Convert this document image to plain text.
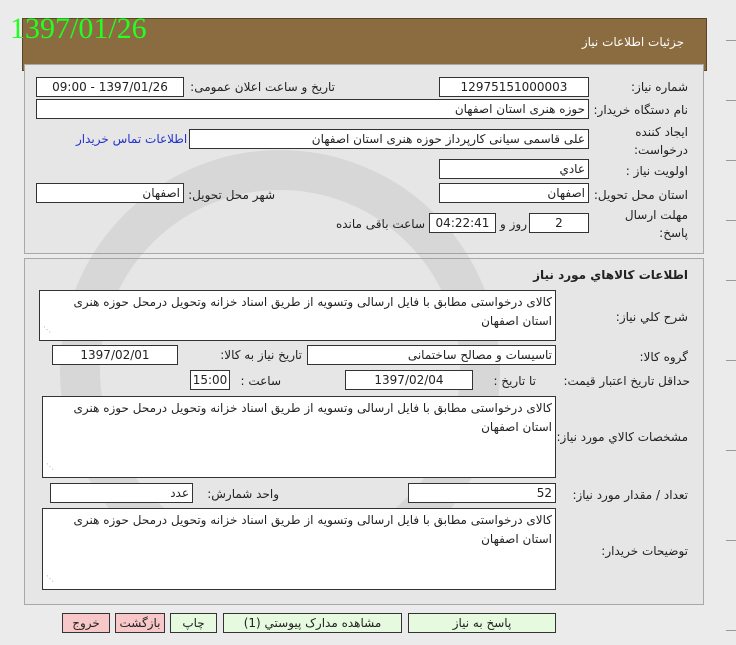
جزئیات اطلاعات نیاز
1397/01/26
شماره نیاز:
12975151000003
تاریخ و ساعت اعلان عمومی:
1397/01/26 - 09:00
نام دستگاه خریدار:
حوزه هنری استان اصفهان
ایجاد کننده
درخواست:
علی قاسمی سیانی کارپرداز حوزه هنری استان اصفهان
اطلاعات تماس خریدار
اولویت نیاز :
عادي
استان محل تحویل:
اصفهان
شهر محل تحویل:
اصفهان
مهلت ارسال
پاسخ:
2
روز و
04:22:41
ساعت باقی مانده
اطلاعات کالاهاي مورد نیاز
شرح کلي نیاز:
کالای درخواستی مطابق با فایل ارسالی وتسویه از طریق اسناد خزانه وتحویل درمحل حوزه هنری استان اصفهان
⋰
گروه کالا:
تاسیسات و مصالح ساختمانی
تاریخ نیاز به کالا:
1397/02/01
حداقل تاریخ اعتبار قیمت:
تا تاریخ :
1397/02/04
ساعت :
15:00
مشخصات کالاي مورد نیاز:
کالای درخواستی مطابق با فایل ارسالی وتسویه از طریق اسناد خزانه وتحویل درمحل حوزه هنری استان اصفهان
⋰
تعداد / مقدار مورد نیاز:
52
واحد شمارش:
عدد
توضیحات خریدار:
کالای درخواستی مطابق با فایل ارسالی وتسویه از طریق اسناد خزانه وتحویل درمحل حوزه هنری استان اصفهان
⋰
پاسخ به نیاز
مشاهده مدارک پیوستي (1)
چاپ
بازگشت
خروج
